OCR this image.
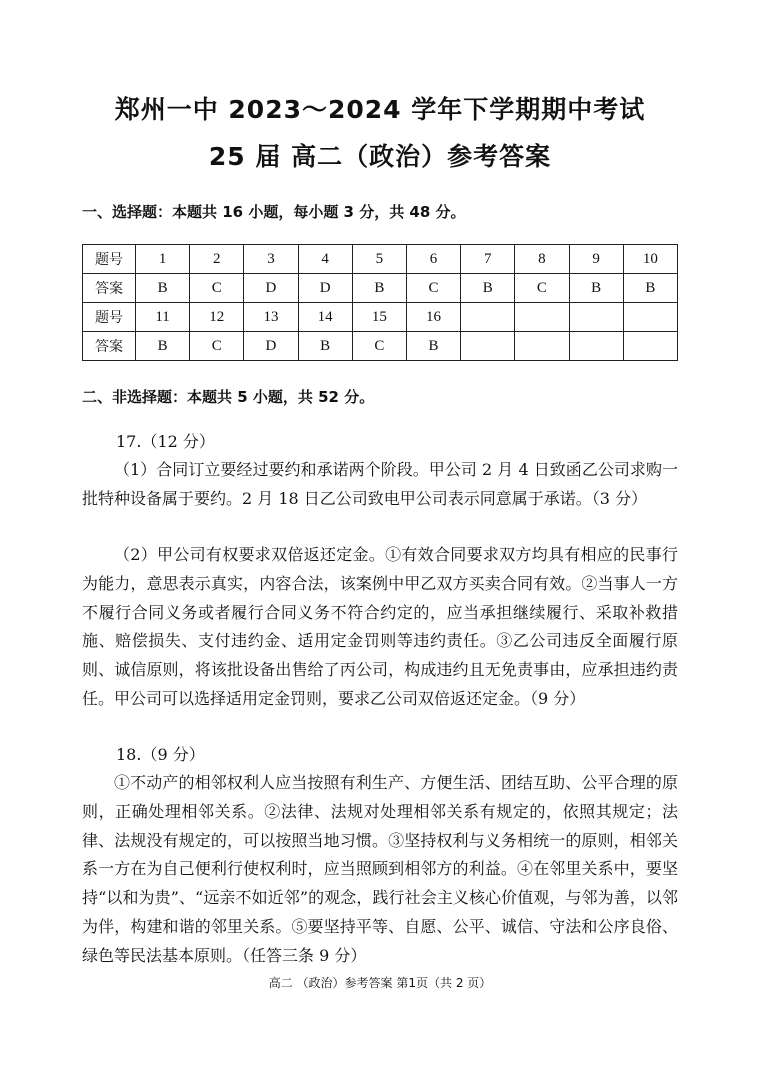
郑州一中 2023～2024 学年下学期期中考试
25 届 高二（政治）参考答案
一、选择题：本题共 16 小题，每小题 3 分，共 48 分。
题号	1	2	3	4	5	6	7	8	9	10
答案	B	C	D	D	B	C	B	C	B	B
题号	11	12	13	14	15	16				
答案	B	C	D	B	C	B				
二、非选择题：本题共 5 小题，共 52 分。

17.（12 分）

（1）合同订立要经过要约和承诺两个阶段。甲公司 2 月 4 日致函乙公司求购一批特种设备属于要约。2 月 18 日乙公司致电甲公司表示同意属于承诺。（3 分）

（2）甲公司有权要求双倍返还定金。①有效合同要求双方均具有相应的民事行为能力，意思表示真实，内容合法，该案例中甲乙双方买卖合同有效。②当事人一方不履行合同义务或者履行合同义务不符合约定的，应当承担继续履行、采取补救措施、赔偿损失、支付违约金、适用定金罚则等违约责任。③乙公司违反全面履行原则、诚信原则，将该批设备出售给了丙公司，构成违约且无免责事由，应承担违约责任。甲公司可以选择适用定金罚则，要求乙公司双倍返还定金。（9 分）

18.（9 分）

①不动产的相邻权利人应当按照有利生产、方便生活、团结互助、公平合理的原则，正确处理相邻关系。②法律、法规对处理相邻关系有规定的，依照其规定；法律、法规没有规定的，可以按照当地习惯。③坚持权利与义务相统一的原则，相邻关系一方在为自己便利行使权利时，应当照顾到相邻方的利益。④在邻里关系中，要坚持“以和为贵”、“远亲不如近邻”的观念，践行社会主义核心价值观，与邻为善，以邻为伴，构建和谐的邻里关系。⑤要坚持平等、自愿、公平、诚信、守法和公序良俗、绿色等民法基本原则。（任答三条 9 分）

高二 （政治）参考答案 第1页（共 2 页）
